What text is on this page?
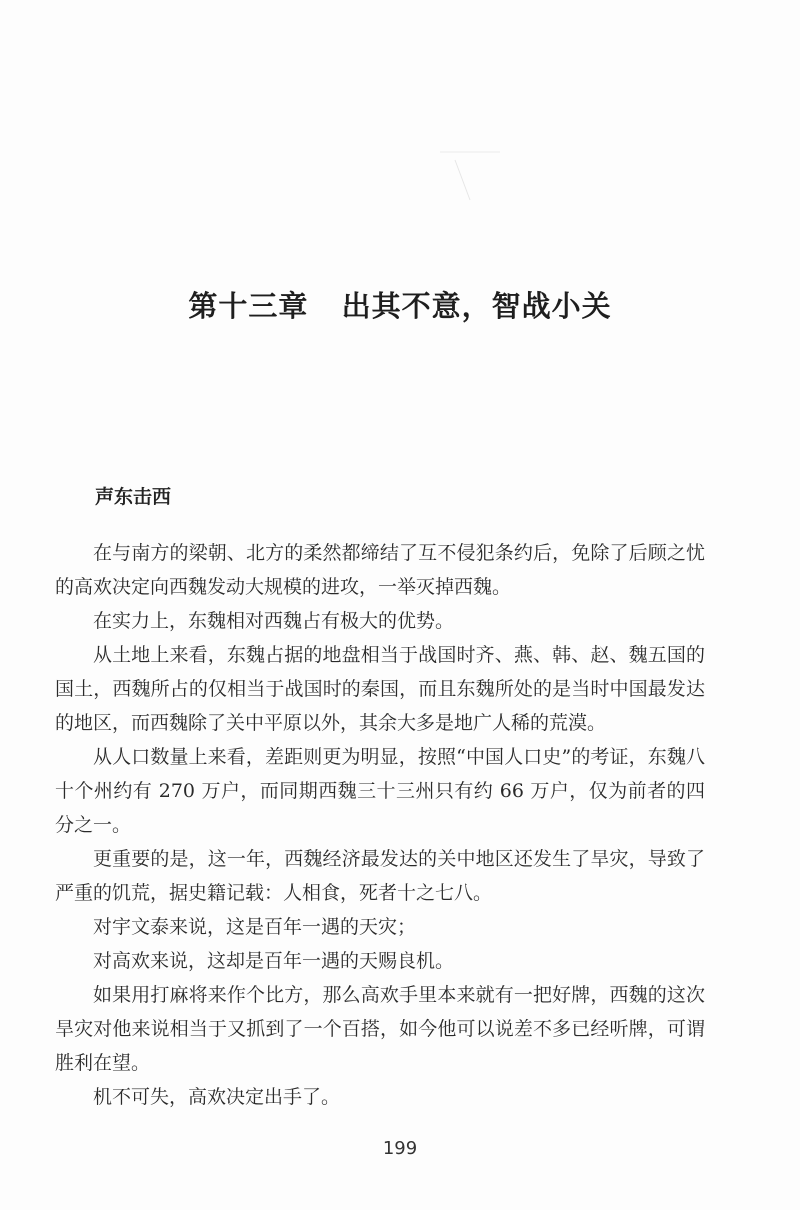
第十三章   出其不意，智战小关
声东击西

在与南方的梁朝、北方的柔然都缔结了互不侵犯条约后，免除了后顾之忧的高欢决定向西魏发动大规模的进攻，一举灭掉西魏。

在实力上，东魏相对西魏占有极大的优势。

从土地上来看，东魏占据的地盘相当于战国时齐、燕、韩、赵、魏五国的国土，西魏所占的仅相当于战国时的秦国，而且东魏所处的是当时中国最发达的地区，而西魏除了关中平原以外，其余大多是地广人稀的荒漠。

从人口数量上来看，差距则更为明显，按照“中国人口史”的考证，东魏八十个州约有 270 万户，而同期西魏三十三州只有约 66 万户，仅为前者的四分之一。

更重要的是，这一年，西魏经济最发达的关中地区还发生了旱灾，导致了严重的饥荒，据史籍记载：人相食，死者十之七八。

对宇文泰来说，这是百年一遇的天灾；

对高欢来说，这却是百年一遇的天赐良机。

如果用打麻将来作个比方，那么高欢手里本来就有一把好牌，西魏的这次旱灾对他来说相当于又抓到了一个百搭，如今他可以说差不多已经听牌，可谓胜利在望。

机不可失，高欢决定出手了。

199
